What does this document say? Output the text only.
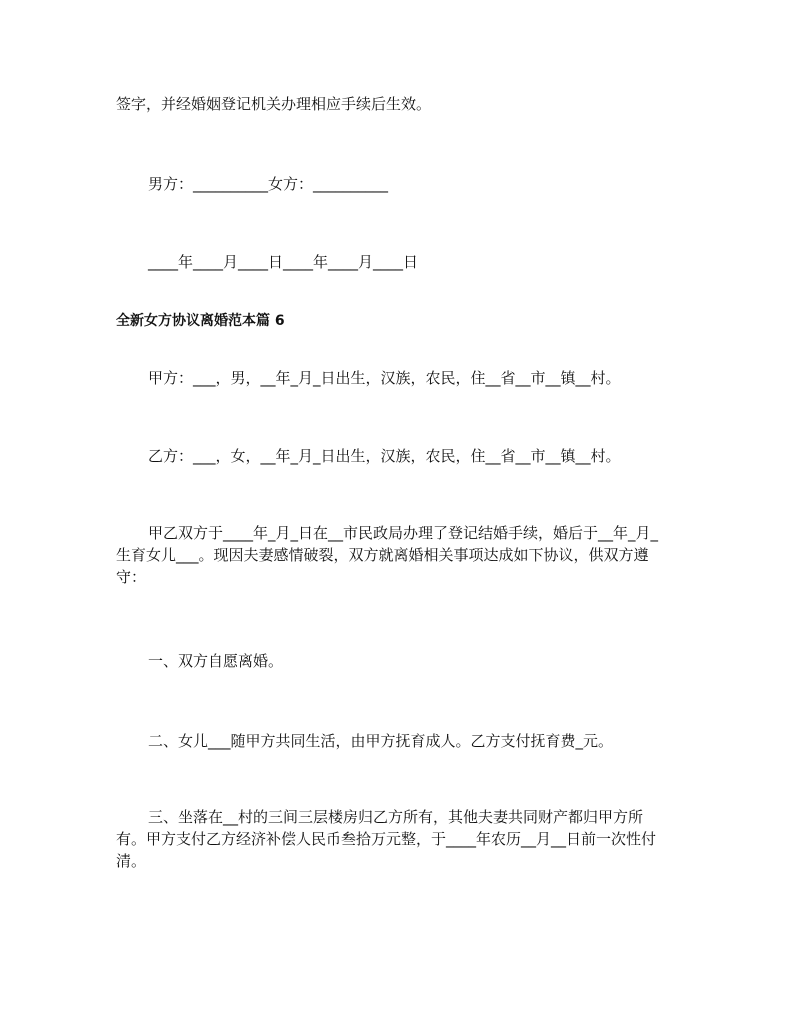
签字，并经婚姻登记机关办理相应手续后生效。
男方：__________女方：__________
____年____月____日____年____月____日
全新女方协议离婚范本篇 6
甲方：___，男，__年_月_日出生，汉族，农民，住__省__市__镇__村。
乙方：___，女，__年_月_日出生，汉族，农民，住__省__市__镇__村。
甲乙双方于____年_月_日在__市民政局办理了登记结婚手续，婚后于__年_月_
生育女儿___。现因夫妻感情破裂，双方就离婚相关事项达成如下协议，供双方遵
守：
一、双方自愿离婚。
二、女儿___随甲方共同生活，由甲方抚育成人。乙方支付抚育费_元。
三、坐落在__村的三间三层楼房归乙方所有，其他夫妻共同财产都归甲方所
有。甲方支付乙方经济补偿人民币叁拾万元整，于____年农历__月__日前一次性付
清。
